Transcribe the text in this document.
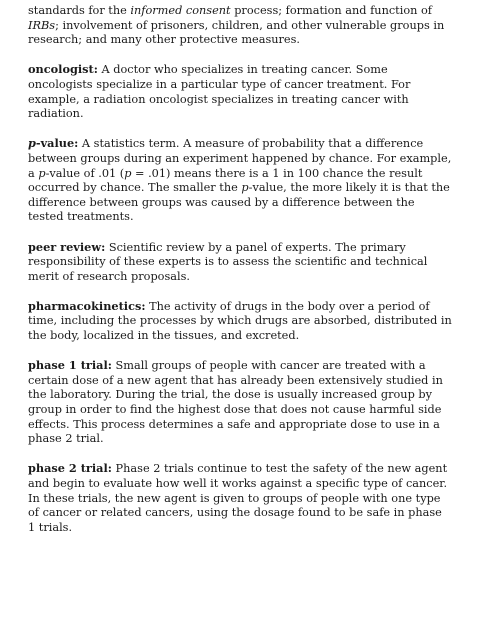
standards for the informed consent process; formation and function of IRBs; involvement of prisoners, children, and other vulnerable groups in research; and many other protective measures.

oncologist: A doctor who specializes in treating cancer. Some oncologists specialize in a particular type of cancer treatment. For example, a radiation oncologist specializes in treating cancer with radiation.

p-value: A statistics term. A measure of probability that a difference between groups during an experiment happened by chance. For example, a p-value of .01 (p = .01) means there is a 1 in 100 chance the result occurred by chance. The smaller the p-value, the more likely it is that the difference between groups was caused by a difference between the tested treatments.

peer review: Scientific review by a panel of experts. The primary responsibility of these experts is to assess the scientific and technical merit of research proposals.

pharmacokinetics: The activity of drugs in the body over a period of time, including the processes by which drugs are absorbed, distributed in the body, localized in the tissues, and excreted.

phase 1 trial: Small groups of people with cancer are treated with a certain dose of a new agent that has already been extensively studied in the laboratory. During the trial, the dose is usually increased group by group in order to find the highest dose that does not cause harmful side effects. This process determines a safe and appropriate dose to use in a phase 2 trial.

phase 2 trial: Phase 2 trials continue to test the safety of the new agent and begin to evaluate how well it works against a specific type of cancer. In these trials, the new agent is given to groups of people with one type of cancer or related cancers, using the dosage found to be safe in phase 1 trials.
